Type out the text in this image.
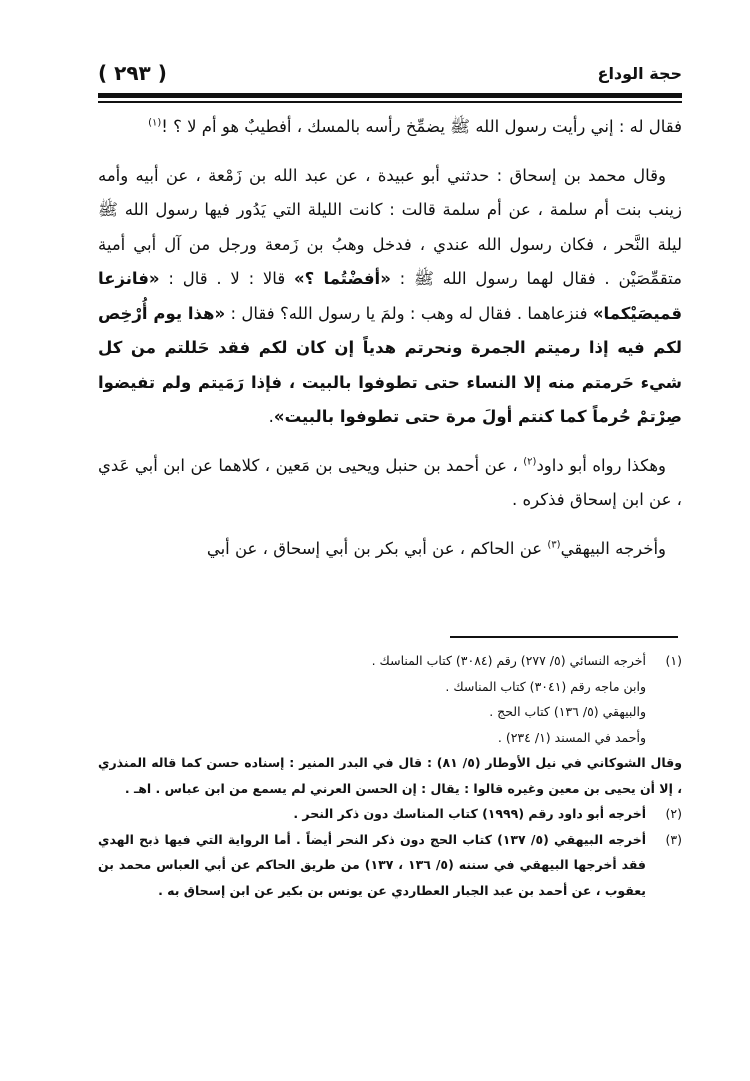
حجة الوداع
( ٢٩٣ )

فقال له : إني رأيت رسول الله ﷺ يضمِّخ رأسه بالمسك ، أفطيبٌ هو أم لا ؟ !$^{(١)}$

وقال محمد بن إسحاق : حدثني أبو عبيدة ، عن عبد الله بن زَمْعة ، عن أبيه وأمه زينب بنت أم سلمة ، عن أم سلمة قالت : كانت الليلة التي يَدُور فيها رسول الله ﷺ ليلة النَّحر ، فكان رسول الله عندي ، فدخل وهبُ بن زَمعة ورجل من آل أبي أمية متقمِّصَيْن . فقال لهما رسول الله ﷺ : «أفضْتُما ؟» قالا : لا . قال : «فانزعا قميصَيْكما» فنزعاهما . فقال له وهب : ولمَ يا رسول الله؟ فقال : «هذا يوم أُرْخِص لكم فيه إذا رميتم الجمرة ونحرتم هدياً إن كان لكم فقد حَللتم من كل شيء حَرمتم منه إلا النساء حتى تطوفوا بالبيت ، فإذا رَمَيتم ولم تفيضوا صِرْتمْ حُرماً كما كنتم أولَ مرة حتى تطوفوا بالبيت».

وهكذا رواه أبو داود$^{(٢)}$ ، عن أحمد بن حنبل ويحيى بن مَعين ، كلاهما عن ابن أبي عَدي ، عن ابن إسحاق فذكره .

وأخرجه البيهقي$^{(٣)}$ عن الحاكم ، عن أبي بكر بن أبي إسحاق ، عن أبي

(١)
أخرجه النسائي (٥/ ٢٧٧) رقم (٣٠٨٤) كتاب المناسك .
وابن ماجه رقم (٣٠٤١) كتاب المناسك .
والبيهقي (٥/ ١٣٦) كتاب الحج .
وأحمد في المسند (١/ ٢٣٤) .
وقال الشوكاني في نيل الأوطار (٥/ ٨١) : قال في البدر المنير : إسناده حسن كما قاله المنذري ، إلا أن يحيى بن معين وغيره قالوا : يقال : إن الحسن العرني لم يسمع من ابن عباس . اهـ .
(٢)
أخرجه أبو داود رقم (١٩٩٩) كتاب المناسك دون ذكر النحر .
(٣)
أخرجه البيهقي (٥/ ١٣٧) كتاب الحج دون ذكر النحر أيضاً . أما الرواية التي فيها ذبح الهدي فقد أخرجها البيهقي في سننه (٥/ ١٣٦ ، ١٣٧) من طريق الحاكم عن أبي العباس محمد بن يعقوب ، عن أحمد بن عبد الجبار العطاردي عن يونس بن بكير عن ابن إسحاق به .
